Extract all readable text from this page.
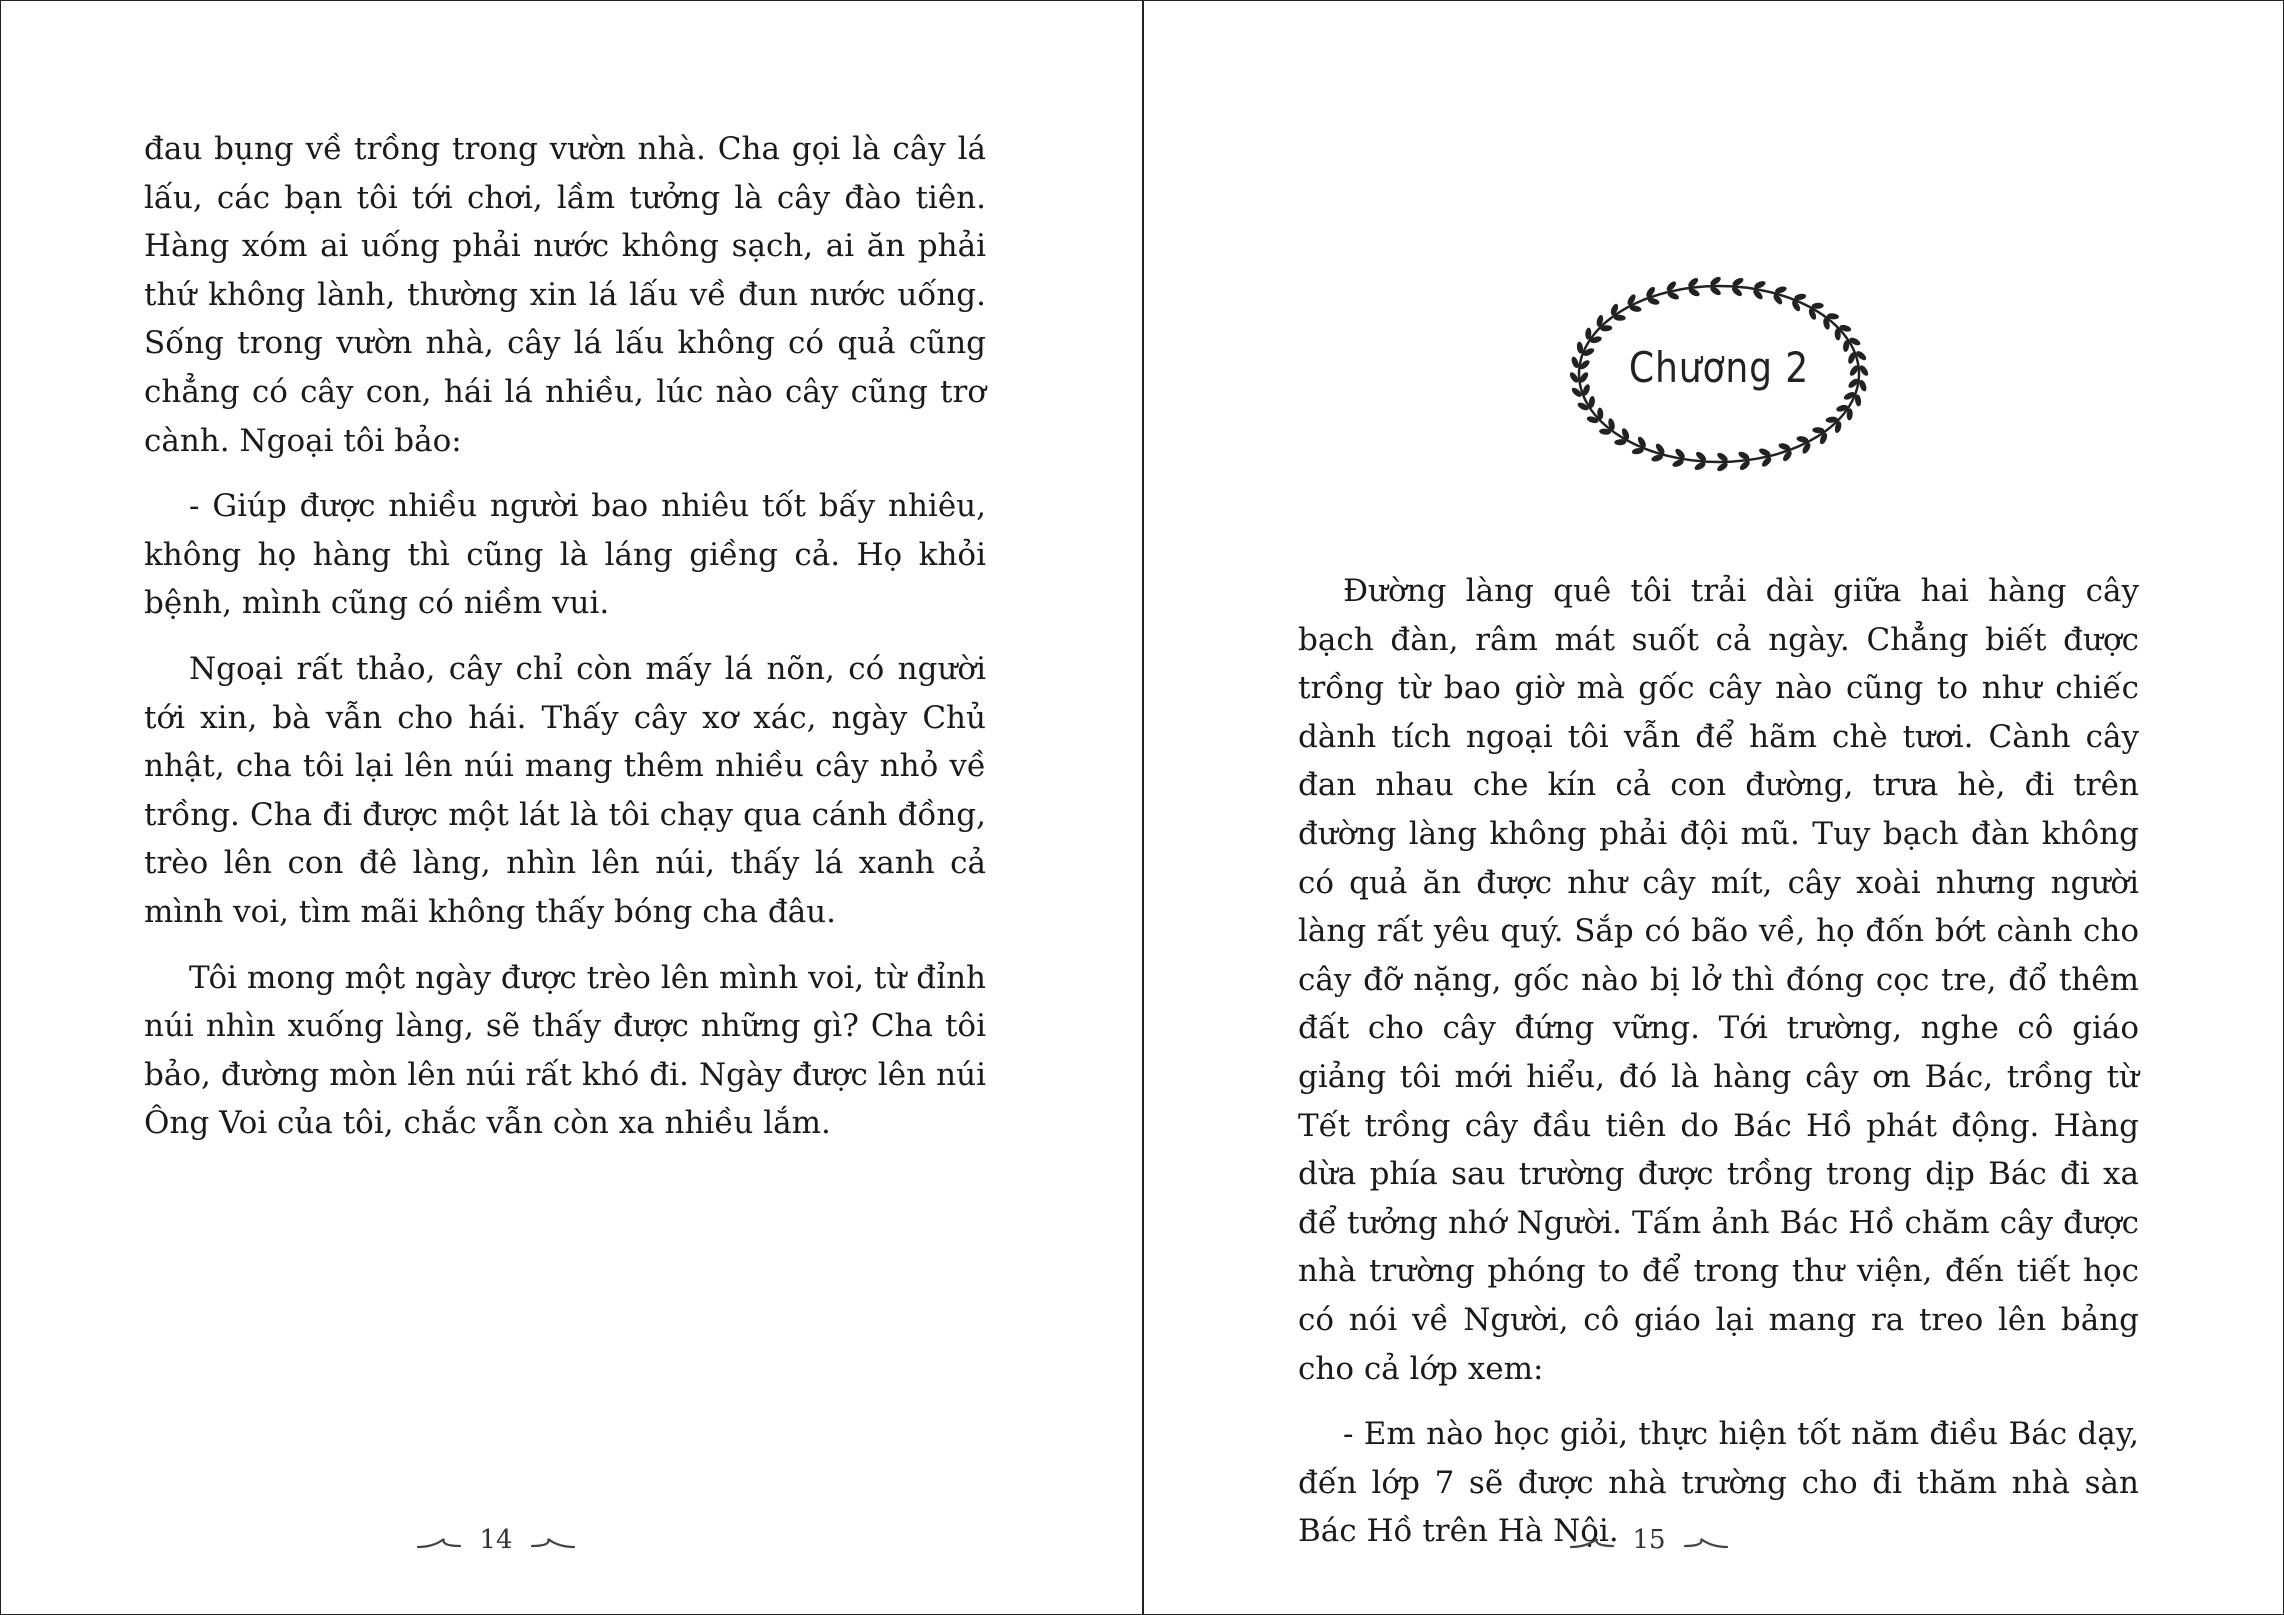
đau bụng về trồng trong vườn nhà. Cha gọi là cây lá lấu, các bạn tôi tới chơi, lầm tưởng là cây đào tiên. Hàng xóm ai uống phải nước không sạch, ai ăn phải thứ không lành, thường xin lá lấu về đun nước uống. Sống trong vườn nhà, cây lá lấu không có quả cũng chẳng có cây con, hái lá nhiều, lúc nào cây cũng trơ cành. Ngoại tôi bảo:

- Giúp được nhiều người bao nhiêu tốt bấy nhiêu, không họ hàng thì cũng là láng giềng cả. Họ khỏi bệnh, mình cũng có niềm vui.

Ngoại rất thảo, cây chỉ còn mấy lá nõn, có người tới xin, bà vẫn cho hái. Thấy cây xơ xác, ngày Chủ nhật, cha tôi lại lên núi mang thêm nhiều cây nhỏ về trồng. Cha đi được một lát là tôi chạy qua cánh đồng, trèo lên con đê làng, nhìn lên núi, thấy lá xanh cả mình voi, tìm mãi không thấy bóng cha đâu.

Tôi mong một ngày được trèo lên mình voi, từ đỉnh núi nhìn xuống làng, sẽ thấy được những gì? Cha tôi bảo, đường mòn lên núi rất khó đi. Ngày được lên núi Ông Voi của tôi, chắc vẫn còn xa nhiều lắm.

14
Chương 2

Đường làng quê tôi trải dài giữa hai hàng cây bạch đàn, râm mát suốt cả ngày. Chẳng biết được trồng từ bao giờ mà gốc cây nào cũng to như chiếc dành tích ngoại tôi vẫn để hãm chè tươi. Cành cây đan nhau che kín cả con đường, trưa hè, đi trên đường làng không phải đội mũ. Tuy bạch đàn không có quả ăn được như cây mít, cây xoài nhưng người làng rất yêu quý. Sắp có bão về, họ đốn bớt cành cho cây đỡ nặng, gốc nào bị lở thì đóng cọc tre, đổ thêm đất cho cây đứng vững. Tới trường, nghe cô giáo giảng tôi mới hiểu, đó là hàng cây ơn Bác, trồng từ Tết trồng cây đầu tiên do Bác Hồ phát động. Hàng dừa phía sau trường được trồng trong dịp Bác đi xa để tưởng nhớ Người. Tấm ảnh Bác Hồ chăm cây được nhà trường phóng to để trong thư viện, đến tiết học có nói về Người, cô giáo lại mang ra treo lên bảng cho cả lớp xem:

- Em nào học giỏi, thực hiện tốt năm điều Bác dạy, đến lớp 7 sẽ được nhà trường cho đi thăm nhà sàn Bác Hồ trên Hà Nội. 15
